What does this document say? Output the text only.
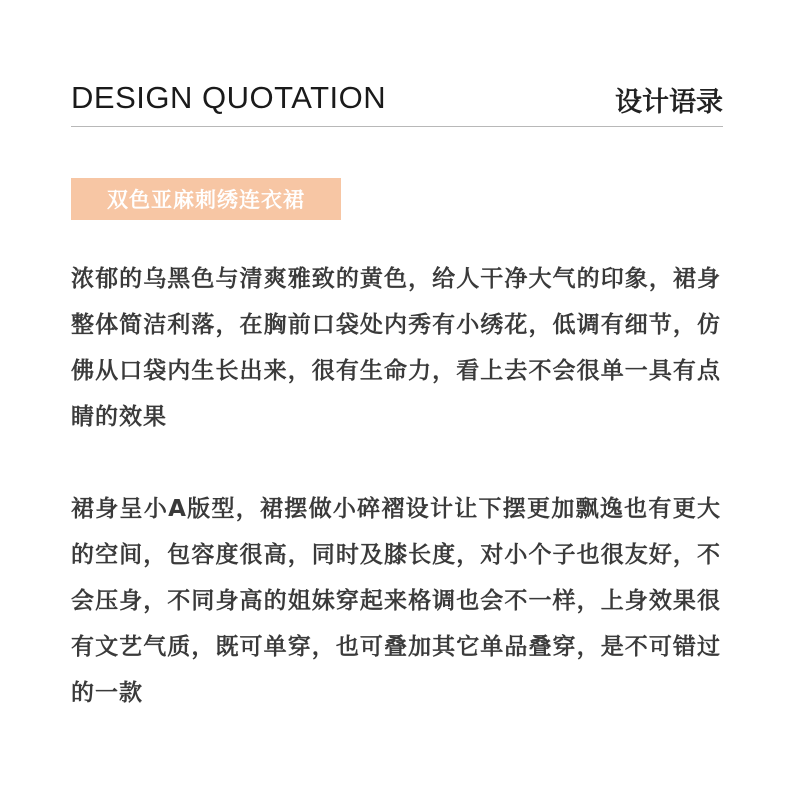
DESIGN QUOTATION	设计语录
双色亚麻刺绣连衣裙

浓郁的乌黑色与清爽雅致的黄色，给人干净大气的印象，裙身整体简洁利落，在胸前口袋处内秀有小绣花，低调有细节，仿佛从口袋内生长出来，很有生命力，看上去不会很单一具有点睛的效果

裙身呈小A版型，裙摆做小碎褶设计让下摆更加飘逸也有更大的空间，包容度很高，同时及膝长度，对小个子也很友好，不会压身，不同身高的姐妹穿起来格调也会不一样，上身效果很有文艺气质，既可单穿，也可叠加其它单品叠穿，是不可错过的一款
